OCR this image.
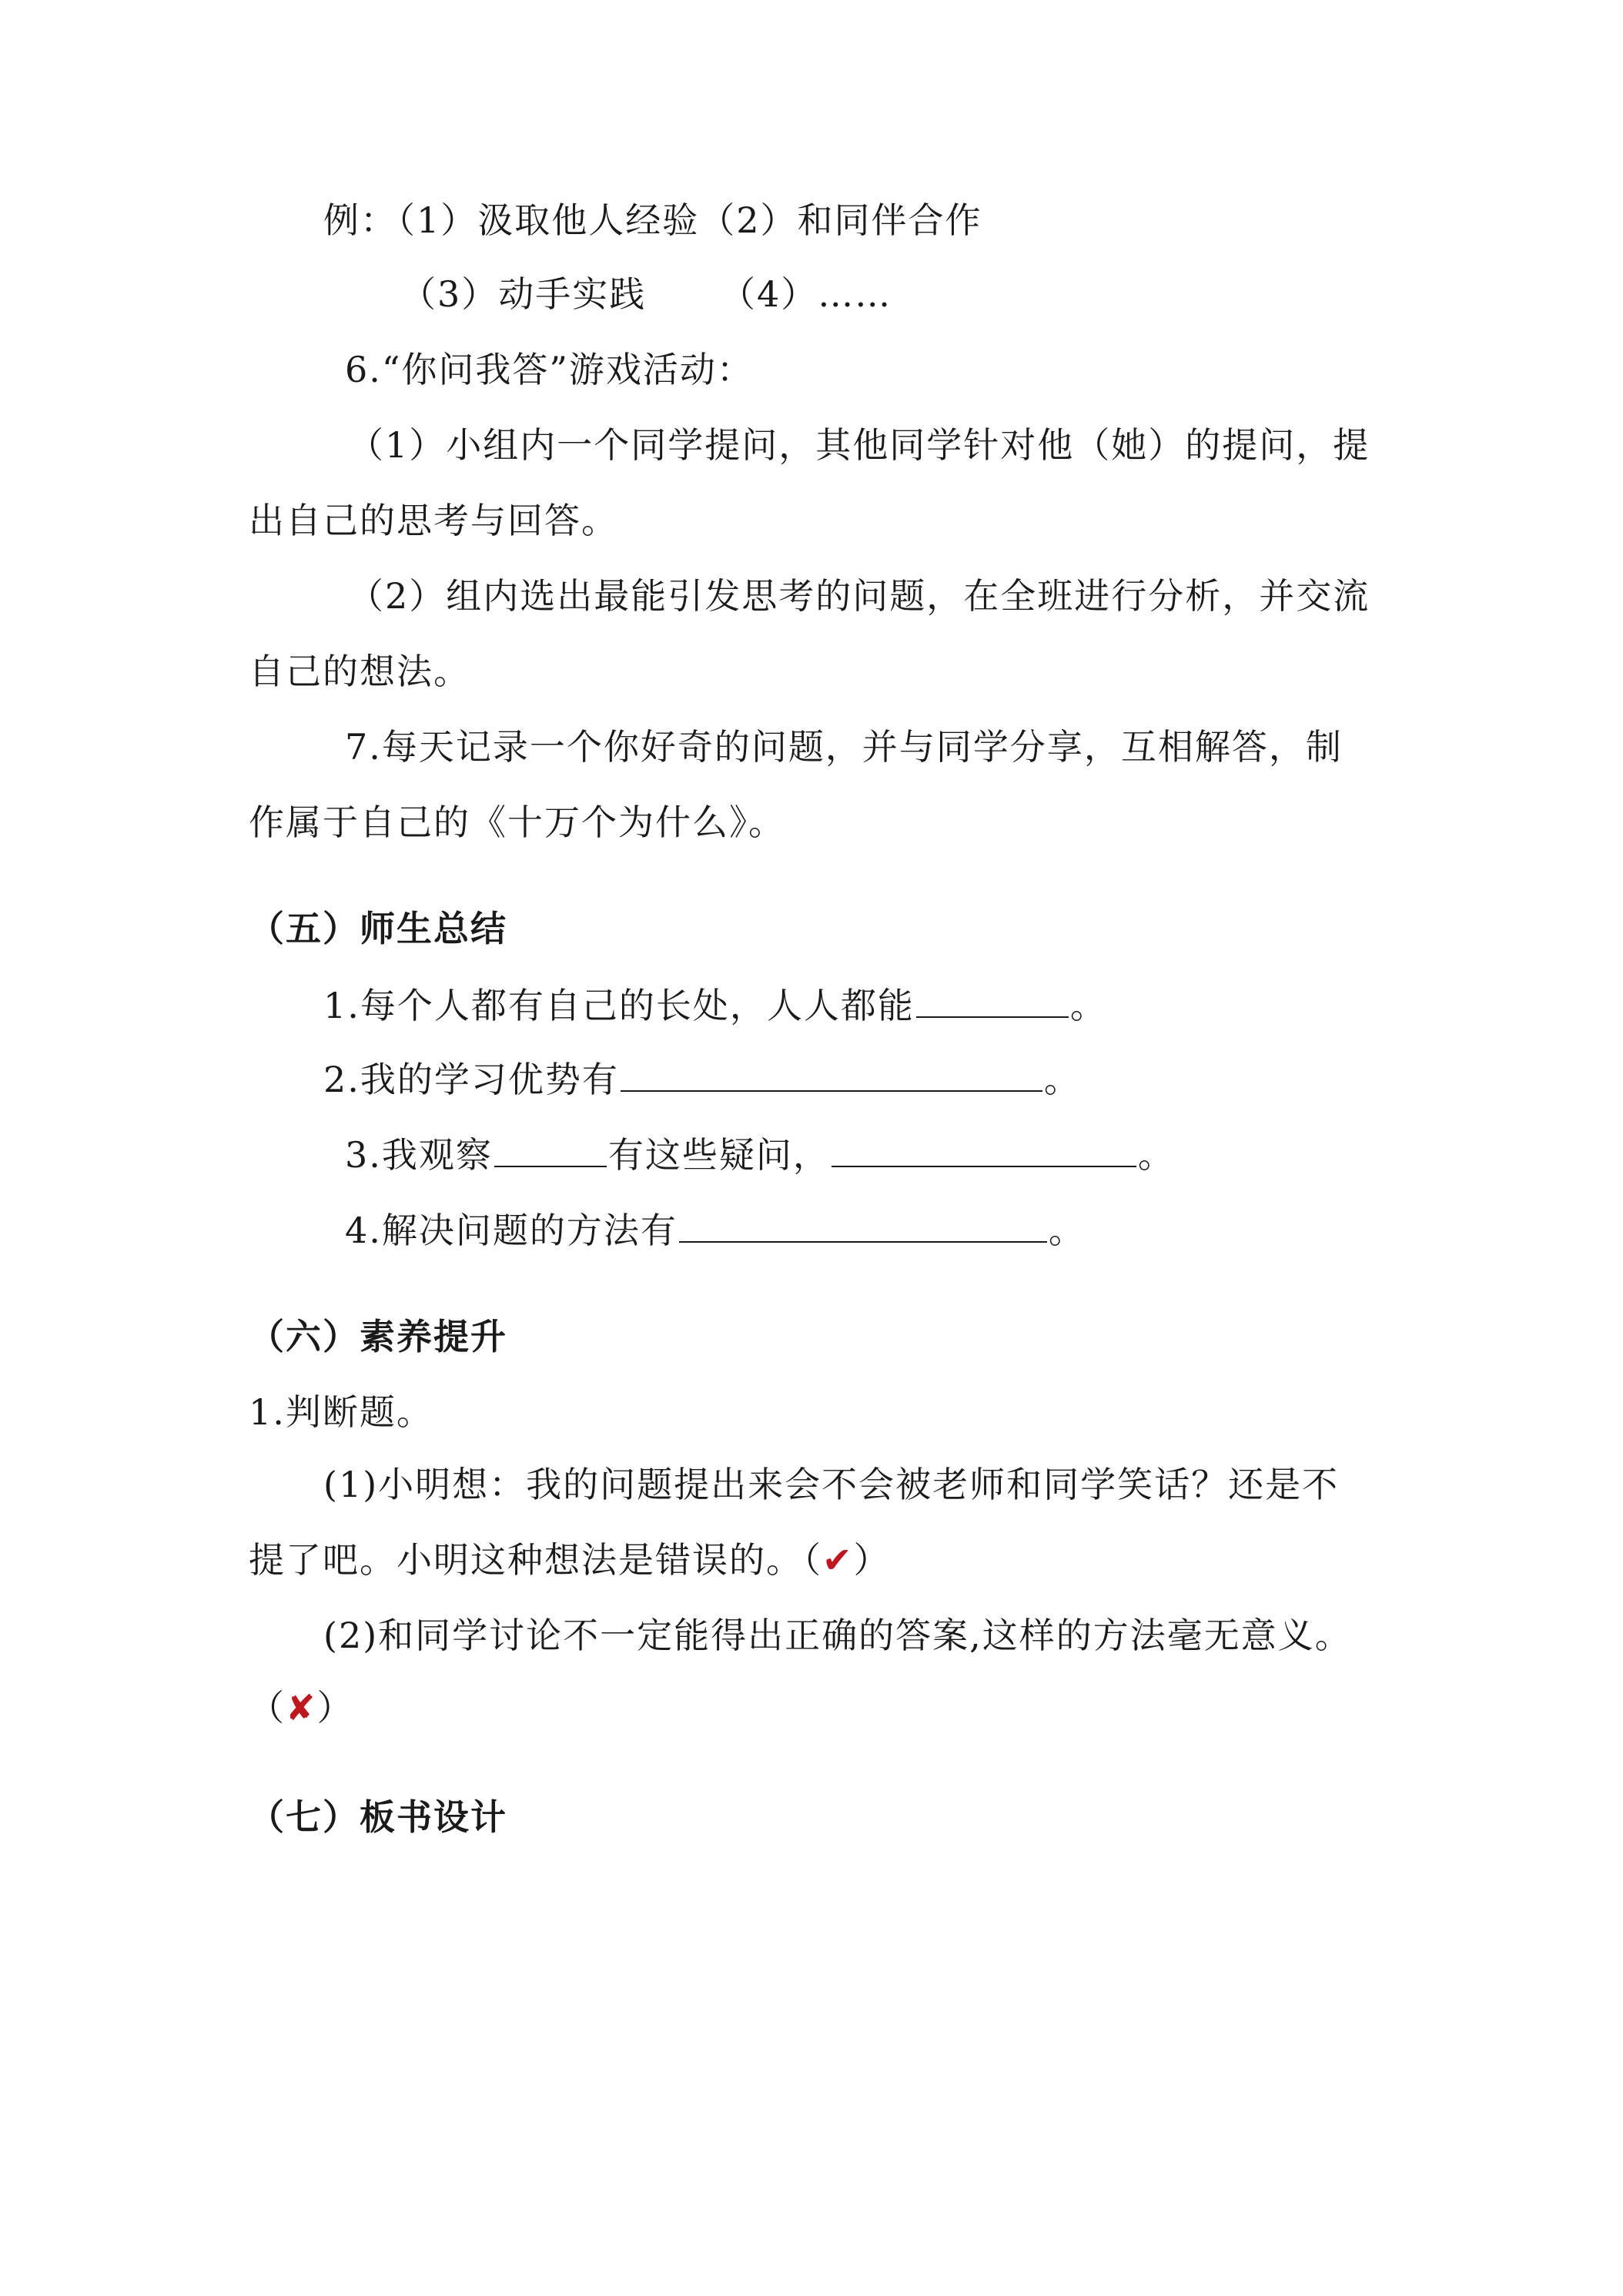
例：（1）汲取他人经验（2）和同伴合作
（3）动手实践 （4）……
6.“你问我答”游戏活动：
（1）小组内一个同学提问，其他同学针对他（她）的提问，提
出自己的思考与回答。
（2）组内选出最能引发思考的问题，在全班进行分析，并交流
自己的想法。
7.每天记录一个你好奇的问题，并与同学分享，互相解答，制
作属于自己的《十万个为什么》。
（五）师生总结
1.每个人都有自己的长处，人人都能	。
2.我的学习优势有	。
3.我观察	有这些疑问，	。
4.解决问题的方法有	。
（六）素养提升
1.判断题。
(1)小明想：我的问题提出来会不会被老师和同学笑话？还是不
提了吧。小明这种想法是错误的。（✔）
(2)和同学讨论不一定能得出正确的答案,这样的方法毫无意义。
（✘）
（七）板书设计
